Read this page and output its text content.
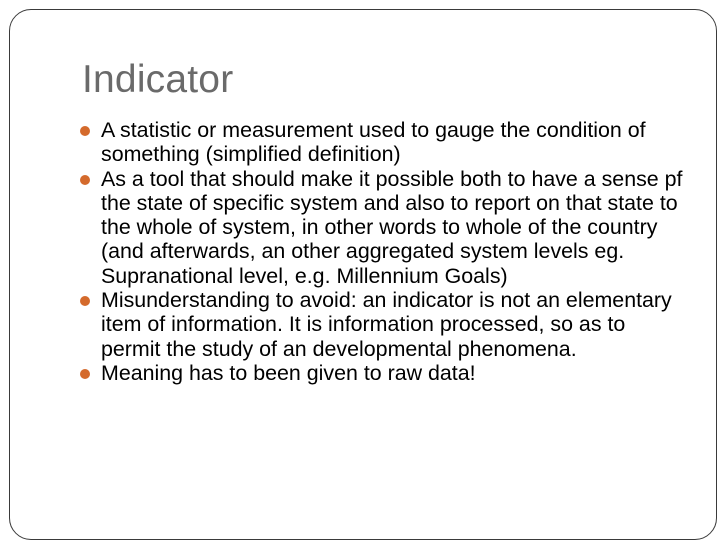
Indicator
A statistic or measurement used to gauge the condition of something (simplified definition)
As a tool that should make it possible both to have a sense pf the state of specific system and also to report on that state to the whole of system, in other words to whole of the country (and afterwards, an other aggregated system levels eg. Supranational level, e.g. Millennium Goals)
Misunderstanding to avoid: an indicator is not an elementary item of information. It is information processed, so as to permit the study of an developmental phenomena.
Meaning has to been given to raw data!
